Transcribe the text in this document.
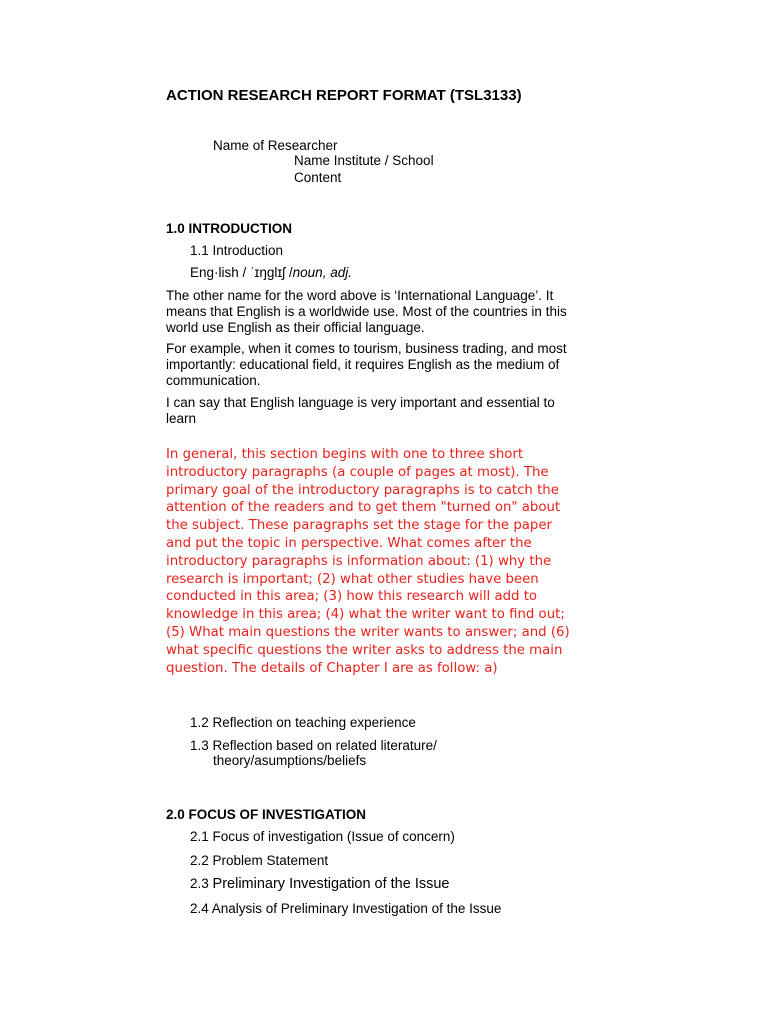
ACTION RESEARCH REPORT FORMAT (TSL3133)
Name of Researcher
Name Institute / School
Content
1.0 INTRODUCTION
1.1 Introduction
Eng·lish / ˈɪŋglɪʃ /noun, adj.
The other name for the word above is ‘International Language’. It
means that English is a worldwide use. Most of the countries in this
world use English as their official language.
For example, when it comes to tourism, business trading, and most
importantly: educational field, it requires English as the medium of
communication.
I can say that English language is very important and essential to
learn
In general, this section begins with one to three short
introductory paragraphs (a couple of pages at most). The
primary goal of the introductory paragraphs is to catch the
attention of the readers and to get them "turned on" about
the subject. These paragraphs set the stage for the paper
and put the topic in perspective. What comes after the
introductory paragraphs is information about: (1) why the
research is important; (2) what other studies have been
conducted in this area; (3) how this research will add to
knowledge in this area; (4) what the writer want to find out;
(5) What main questions the writer wants to answer; and (6)
what specific questions the writer asks to address the main
question. The details of Chapter I are as follow: a)
1.2 Reflection on teaching experience
1.3 Reflection based on related literature/
theory/asumptions/beliefs
2.0 FOCUS OF INVESTIGATION
2.1 Focus of investigation (Issue of concern)
2.2 Problem Statement
2.3 Preliminary Investigation of the Issue
2.4 Analysis of Preliminary Investigation of the Issue
